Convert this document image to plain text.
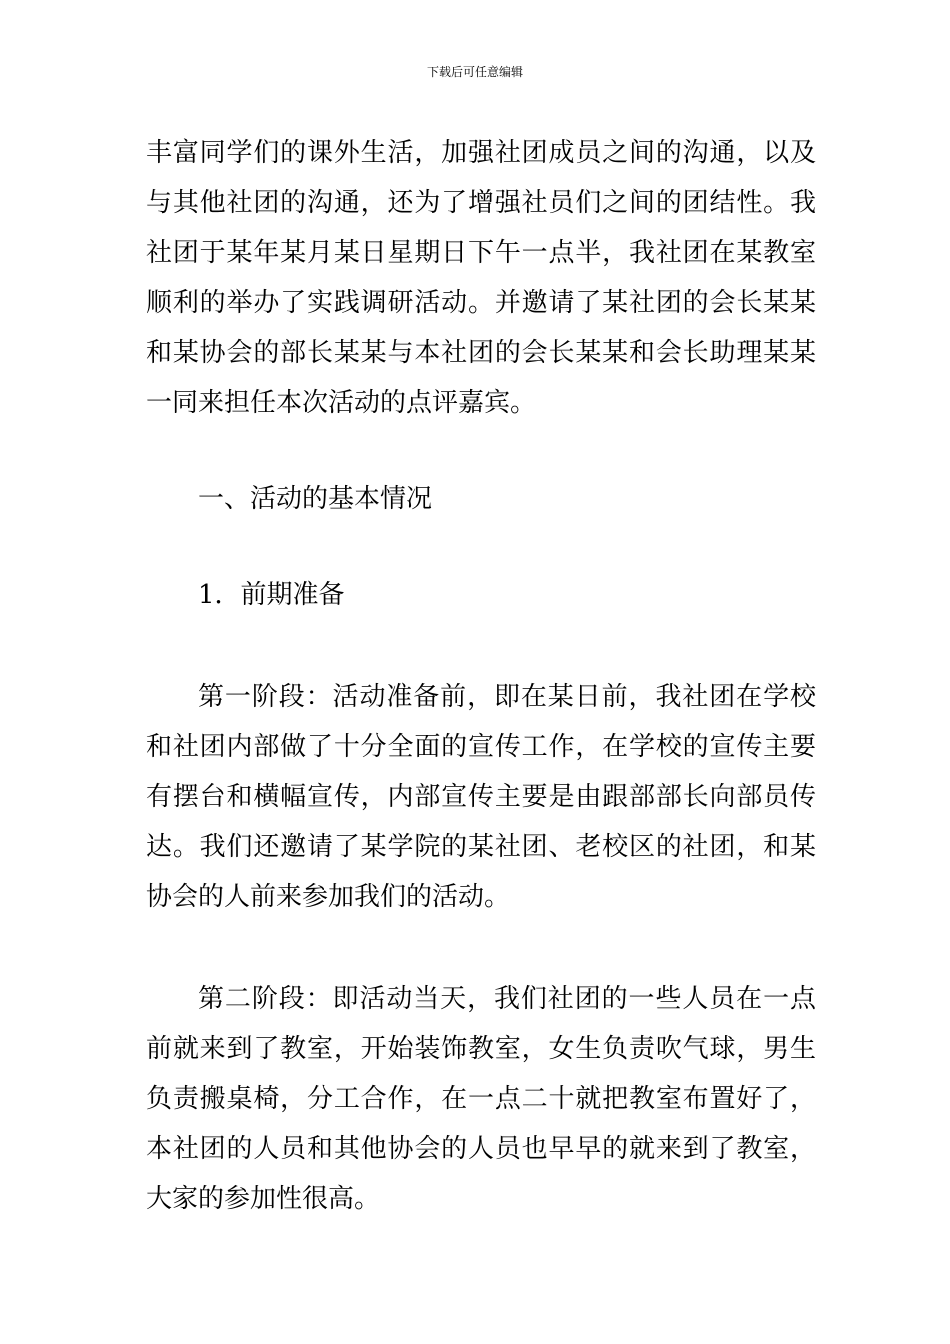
下载后可任意编辑

丰富同学们的课外生活，加强社团成员之间的沟通，以及与其他社团的沟通，还为了增强社员们之间的团结性。我社团于某年某月某日星期日下午一点半，我社团在某教室顺利的举办了实践调研活动。并邀请了某社团的会长某某和某协会的部长某某与本社团的会长某某和会长助理某某一同来担任本次活动的点评嘉宾。

一、活动的基本情况

1．前期准备

第一阶段：活动准备前，即在某日前，我社团在学校和社团内部做了十分全面的宣传工作，在学校的宣传主要有摆台和横幅宣传，内部宣传主要是由跟部部长向部员传达。我们还邀请了某学院的某社团、老校区的社团，和某协会的人前来参加我们的活动。

第二阶段：即活动当天，我们社团的一些人员在一点前就来到了教室，开始装饰教室，女生负责吹气球，男生负责搬桌椅，分工合作，在一点二十就把教室布置好了，本社团的人员和其他协会的人员也早早的就来到了教室，大家的参加性很高。
